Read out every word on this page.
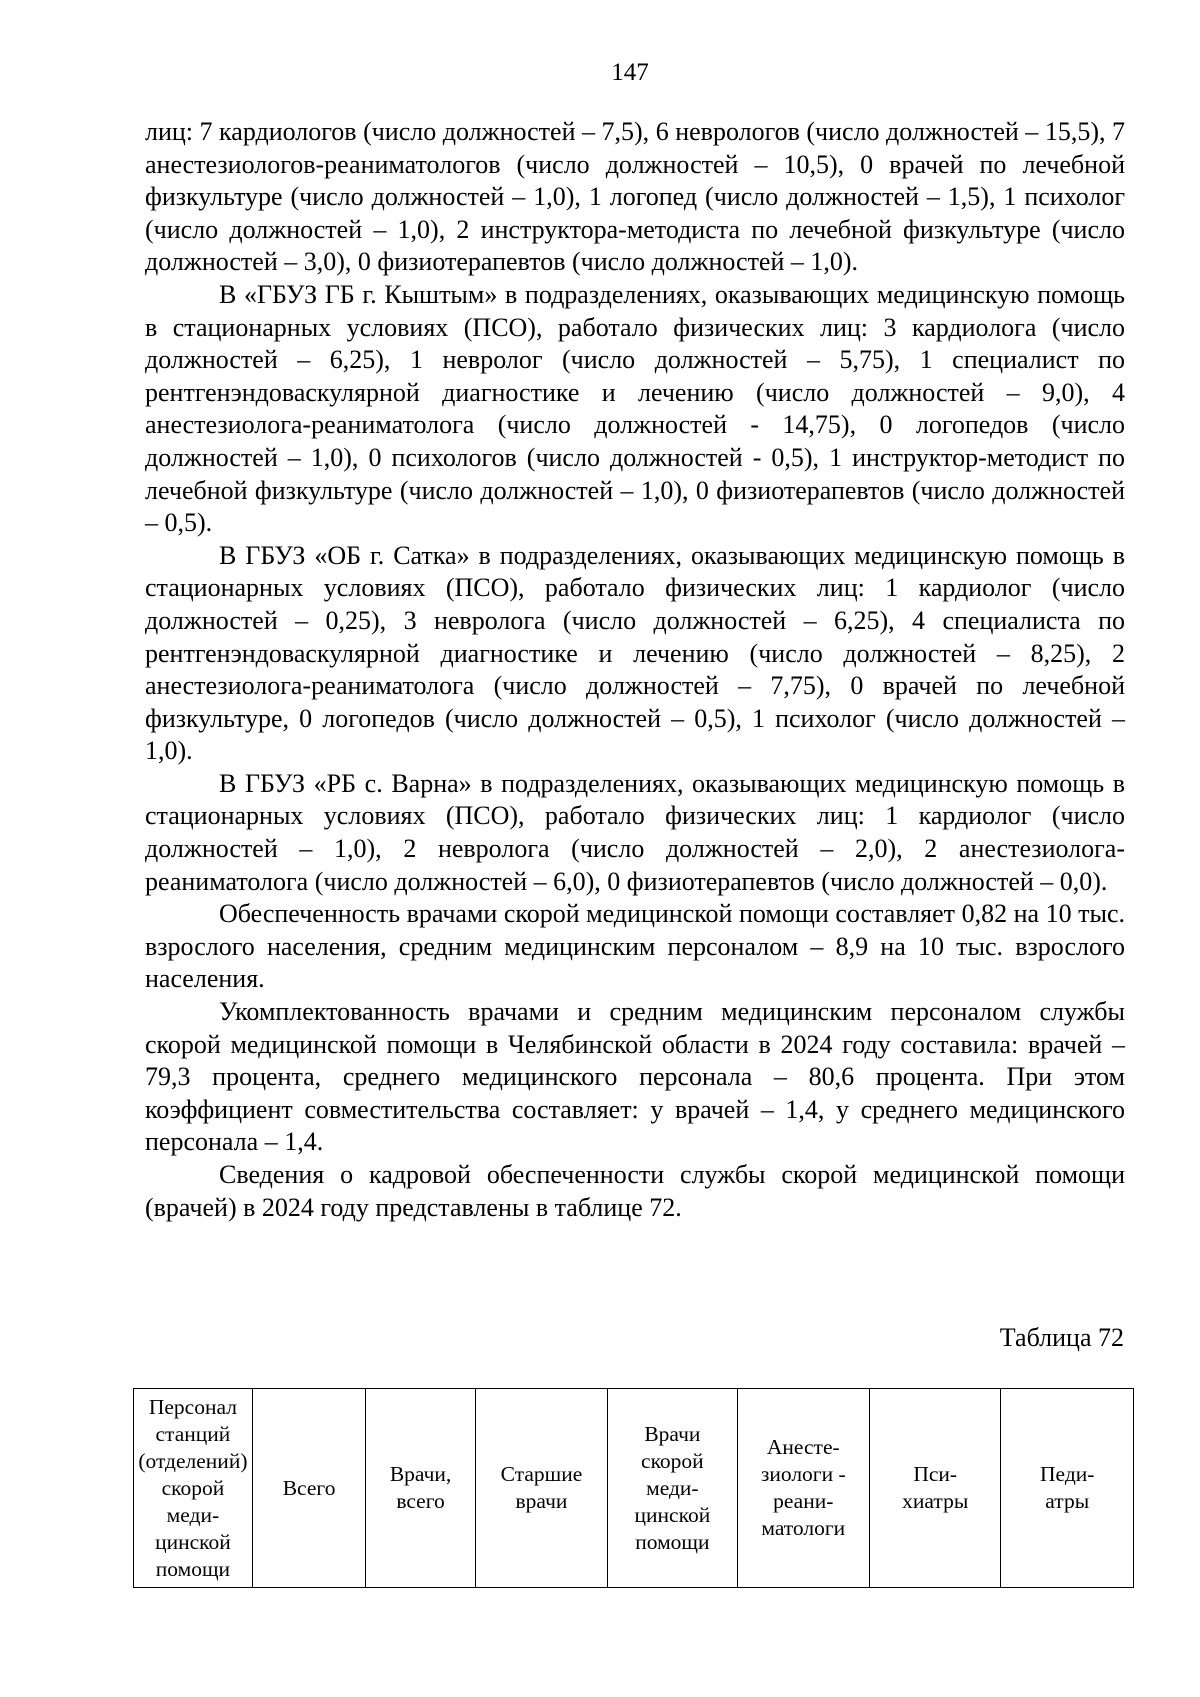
147

лиц: 7 кардиологов (число должностей – 7,5), 6 неврологов (число должностей – 15,5), 7 анестезиологов-реаниматологов (число должностей – 10,5), 0 врачей по лечебной физкультуре (число должностей – 1,0), 1 логопед (число должностей – 1,5), 1 психолог (число должностей – 1,0), 2 инструктора-методиста по лечебной физкультуре (число должностей – 3,0), 0 физиотерапевтов (число должностей – 1,0).

В «ГБУЗ ГБ г. Кыштым» в подразделениях, оказывающих медицинскую помощь в стационарных условиях (ПСО), работало физических лиц: 3 кардиолога (число должностей – 6,25), 1 невролог (число должностей – 5,75), 1 специалист по рентгенэндоваскулярной диагностике и лечению (число должностей – 9,0), 4 анестезиолога-реаниматолога (число должностей - 14,75), 0 логопедов (число должностей – 1,0), 0 психологов (число должностей - 0,5), 1 инструктор-методист по лечебной физкультуре (число должностей – 1,0), 0 физиотерапевтов (число должностей – 0,5).

В ГБУЗ «ОБ г. Сатка» в подразделениях, оказывающих медицинскую помощь в стационарных условиях (ПСО), работало физических лиц: 1 кардиолог (число должностей – 0,25), 3 невролога (число должностей – 6,25), 4 специалиста по рентгенэндоваскулярной диагностике и лечению (число должностей – 8,25), 2 анестезиолога-реаниматолога (число должностей – 7,75), 0 врачей по лечебной физкультуре, 0 логопедов (число должностей – 0,5), 1 психолог (число должностей – 1,0).

В ГБУЗ «РБ с. Варна» в подразделениях, оказывающих медицинскую помощь в стационарных условиях (ПСО), работало физических лиц: 1 кардиолог (число должностей – 1,0), 2 невролога (число должностей – 2,0), 2 анестезиолога-реаниматолога (число должностей – 6,0), 0 физиотерапевтов (число должностей – 0,0).

Обеспеченность врачами скорой медицинской помощи составляет 0,82 на 10 тыс. взрослого населения, средним медицинским персоналом – 8,9 на 10 тыс. взрослого населения.

Укомплектованность врачами и средним медицинским персоналом службы скорой медицинской помощи в Челябинской области в 2024 году составила: врачей – 79,3 процента, среднего медицинского персонала – 80,6 процента. При этом коэффициент совместительства составляет: у врачей – 1,4, у среднего медицинского персонала – 1,4.

Сведения о кадровой обеспеченности службы скорой медицинской помощи (врачей) в 2024 году представлены в таблице 72.

Таблица 72
Персонал
станций
(отделений)
скорой
меди-
цинской
помощи	Всего	Врачи,
всего	Старшие
врачи	Врачи
скорой
меди-
цинской
помощи	Анесте-
зиологи -
реани-
матологи	Пси-
хиатры	Педи-
атры
